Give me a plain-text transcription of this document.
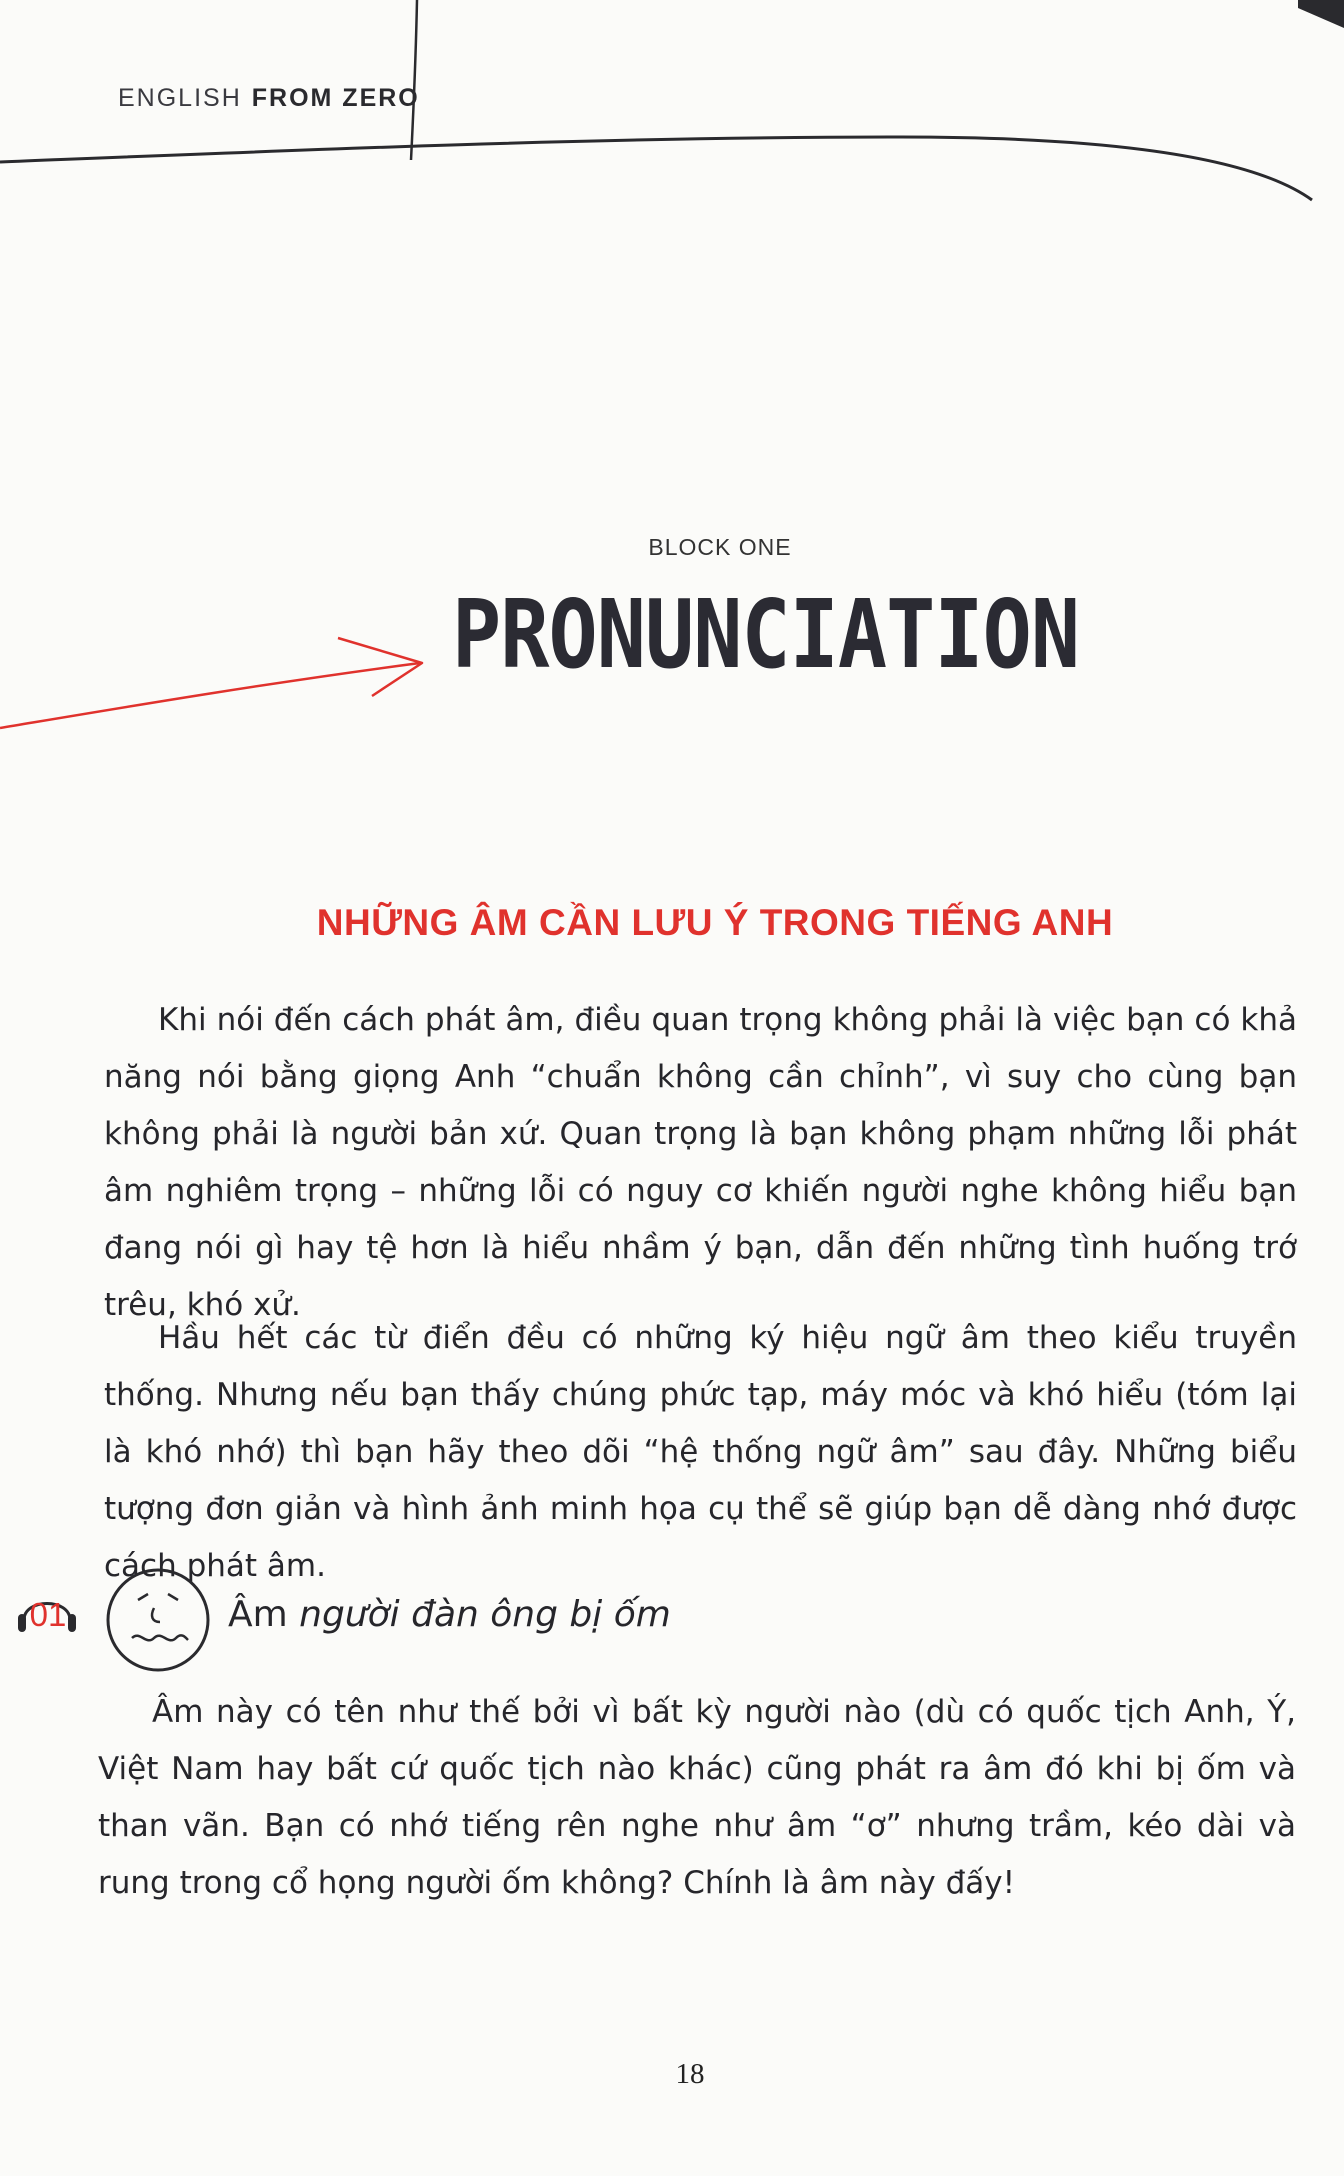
ENGLISH FROM ZERO
BLOCK ONE
PRONUNCIATION
NHỮNG ÂM CẦN LƯU Ý TRONG TIẾNG ANH
Khi nói đến cách phát âm, điều quan trọng không phải là việc bạn có khả năng nói bằng giọng Anh “chuẩn không cần chỉnh”, vì suy cho cùng bạn không phải là người bản xứ. Quan trọng là bạn không phạm những lỗi phát âm nghiêm trọng – những lỗi có nguy cơ khiến người nghe không hiểu bạn đang nói gì hay tệ hơn là hiểu nhầm ý bạn, dẫn đến những tình huống trớ trêu, khó xử.
Hầu hết các từ điển đều có những ký hiệu ngữ âm theo kiểu truyền thống. Nhưng nếu bạn thấy chúng phức tạp, máy móc và khó hiểu (tóm lại là khó nhớ) thì bạn hãy theo dõi “hệ thống ngữ âm” sau đây. Những biểu tượng đơn giản và hình ảnh minh họa cụ thể sẽ giúp bạn dễ dàng nhớ được cách phát âm.
01	Âm người đàn ông bị ốm
Âm này có tên như thế bởi vì bất kỳ người nào (dù có quốc tịch Anh, Ý, Việt Nam hay bất cứ quốc tịch nào khác) cũng phát ra âm đó khi bị ốm và than vãn. Bạn có nhớ tiếng rên nghe như âm “ơ” nhưng trầm, kéo dài và rung trong cổ họng người ốm không? Chính là âm này đấy!
18
